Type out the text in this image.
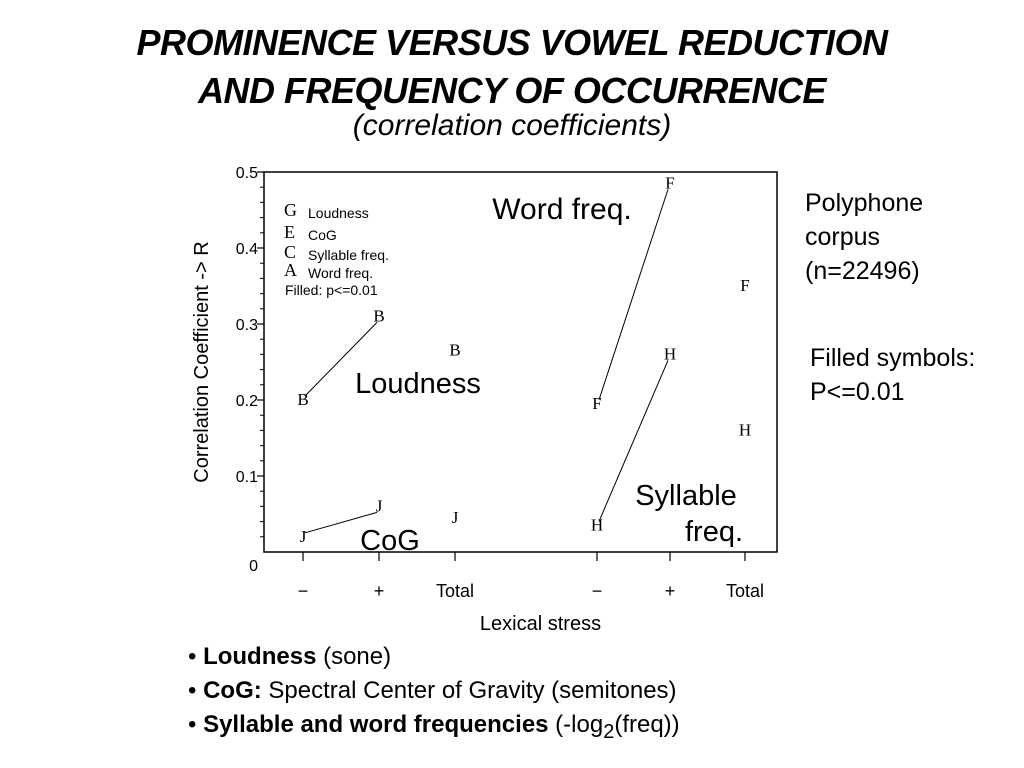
PROMINENCE VERSUS VOWEL REDUCTION
AND FREQUENCY OF OCCURRENCE
(correlation coefficients)
0
0.1
0.2
0.3
0.4
0.5
−	+	Total	−	+	Total
Lexical stress
Correlation Coefficient -> R	B
B
B
J
J
J
F
F
F
H
H
H
G Loudness
E CoG
C Syllable freq.
A Word freq.
Filled: p<=0.01
Word freq.
Loudness
Syllable
freq.
CoG
Polyphone
corpus
(n=22496)
Filled symbols:
P<=0.01
• Loudness (sone)
• CoG: Spectral Center of Gravity (semitones)
• Syllable and word frequencies $(-\log_2(freq))$
